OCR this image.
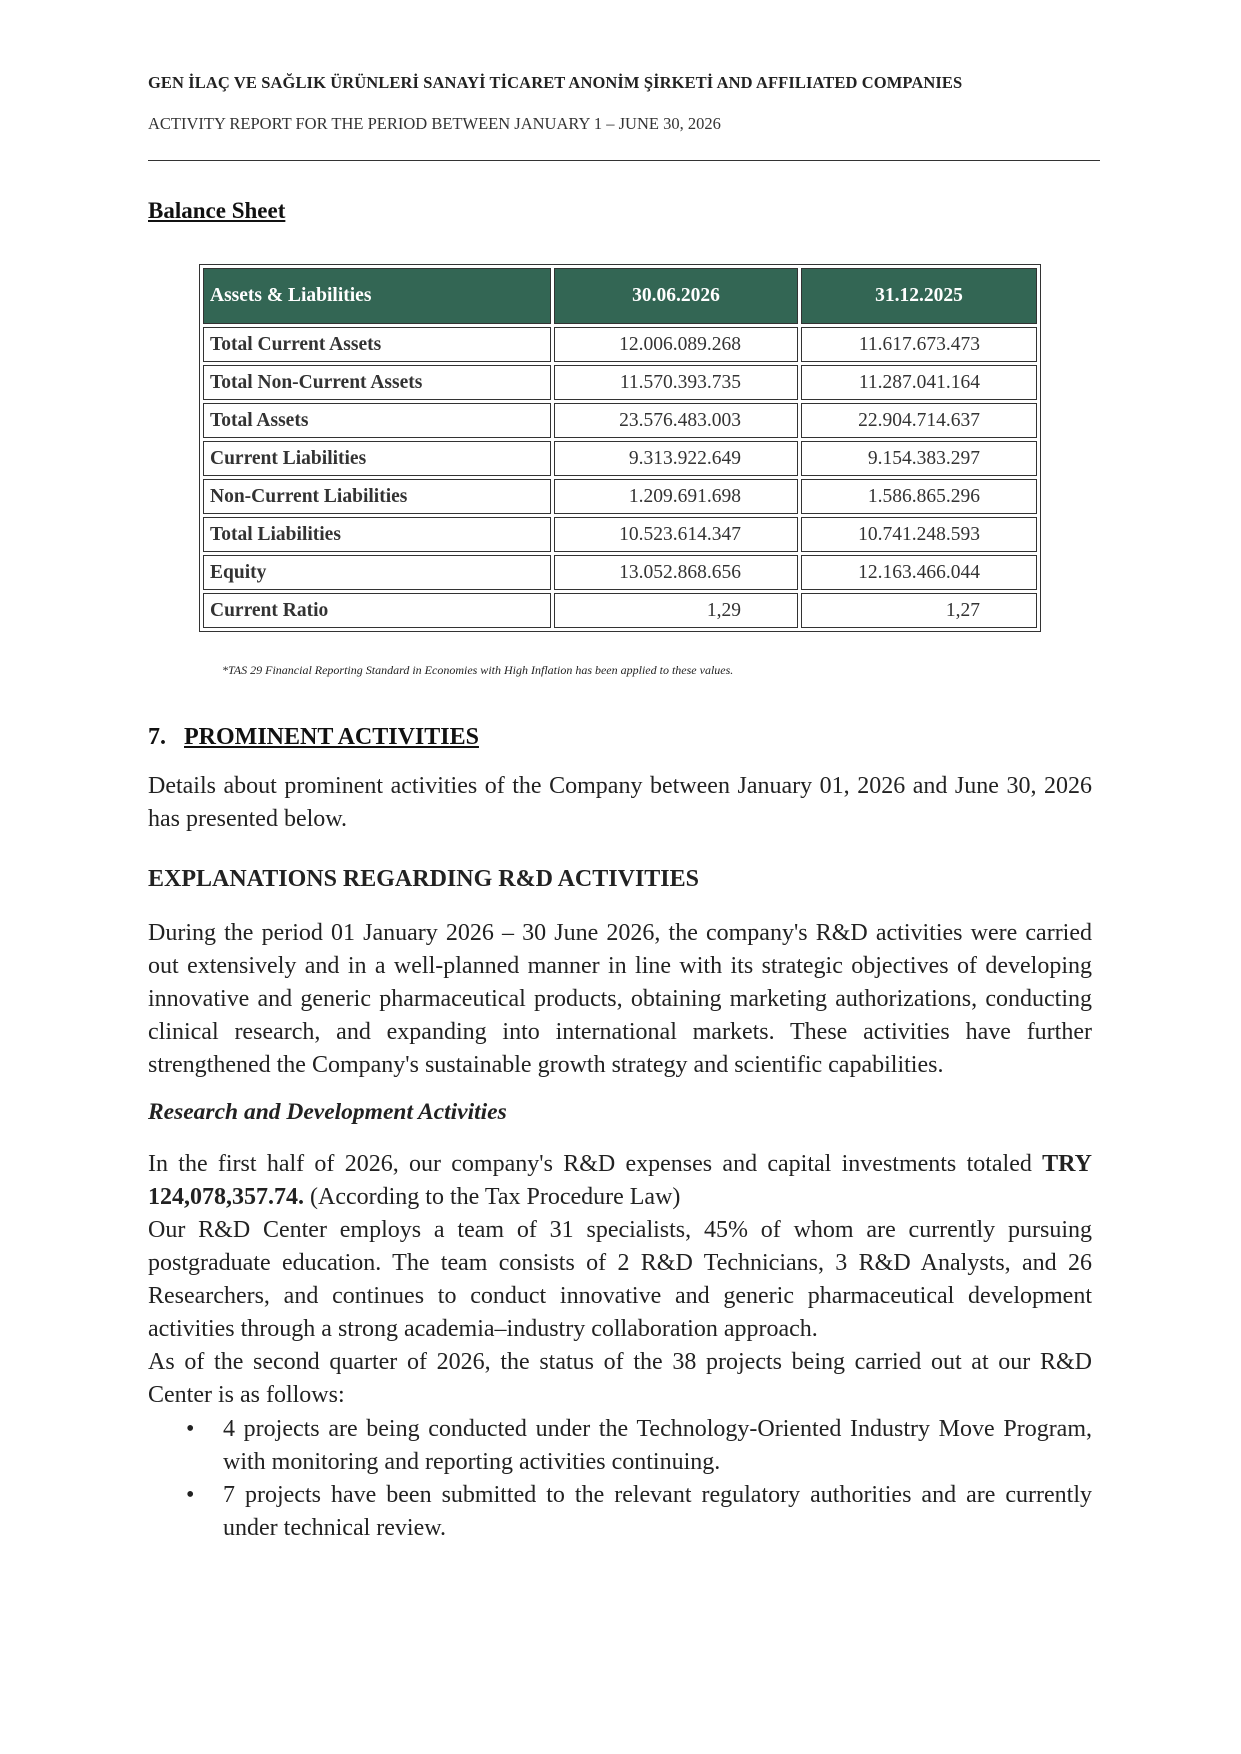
GEN İLAÇ VE SAĞLIK ÜRÜNLERİ SANAYİ TİCARET ANONİM ŞİRKETİ AND AFFILIATED COMPANIES
ACTIVITY REPORT FOR THE PERIOD BETWEEN JANUARY 1 – JUNE 30, 2026
Balance Sheet
Assets & Liabilities	30.06.2026	31.12.2025
Total Current Assets	12.006.089.268	11.617.673.473
Total Non-Current Assets	11.570.393.735	11.287.041.164
Total Assets	23.576.483.003	22.904.714.637
Current Liabilities	9.313.922.649	9.154.383.297
Non-Current Liabilities	1.209.691.698	1.586.865.296
Total Liabilities	10.523.614.347	10.741.248.593
Equity	13.052.868.656	12.163.466.044
Current Ratio	1,29	1,27
*TAS 29 Financial Reporting Standard in Economies with High Inflation has been applied to these values.
7. PROMINENT ACTIVITIES
Details about prominent activities of the Company between January 01, 2026 and June 30, 2026 has presented below.
EXPLANATIONS REGARDING R&D ACTIVITIES
During the period 01 January 2026 – 30 June 2026, the company's R&D activities were carried out extensively and in a well-planned manner in line with its strategic objectives of developing innovative and generic pharmaceutical products, obtaining marketing authorizations, conducting clinical research, and expanding into international markets. These activities have further strengthened the Company's sustainable growth strategy and scientific capabilities.
Research and Development Activities
In the first half of 2026, our company's R&D expenses and capital investments totaled TRY 124,078,357.74. (According to the Tax Procedure Law)
Our R&D Center employs a team of 31 specialists, 45% of whom are currently pursuing postgraduate education. The team consists of 2 R&D Technicians, 3 R&D Analysts, and 26 Researchers, and continues to conduct innovative and generic pharmaceutical development activities through a strong academia–industry collaboration approach.
As of the second quarter of 2026, the status of the 38 projects being carried out at our R&D Center is as follows:
• 4 projects are being conducted under the Technology-Oriented Industry Move Program, with monitoring and reporting activities continuing.
• 7 projects have been submitted to the relevant regulatory authorities and are currently under technical review.
